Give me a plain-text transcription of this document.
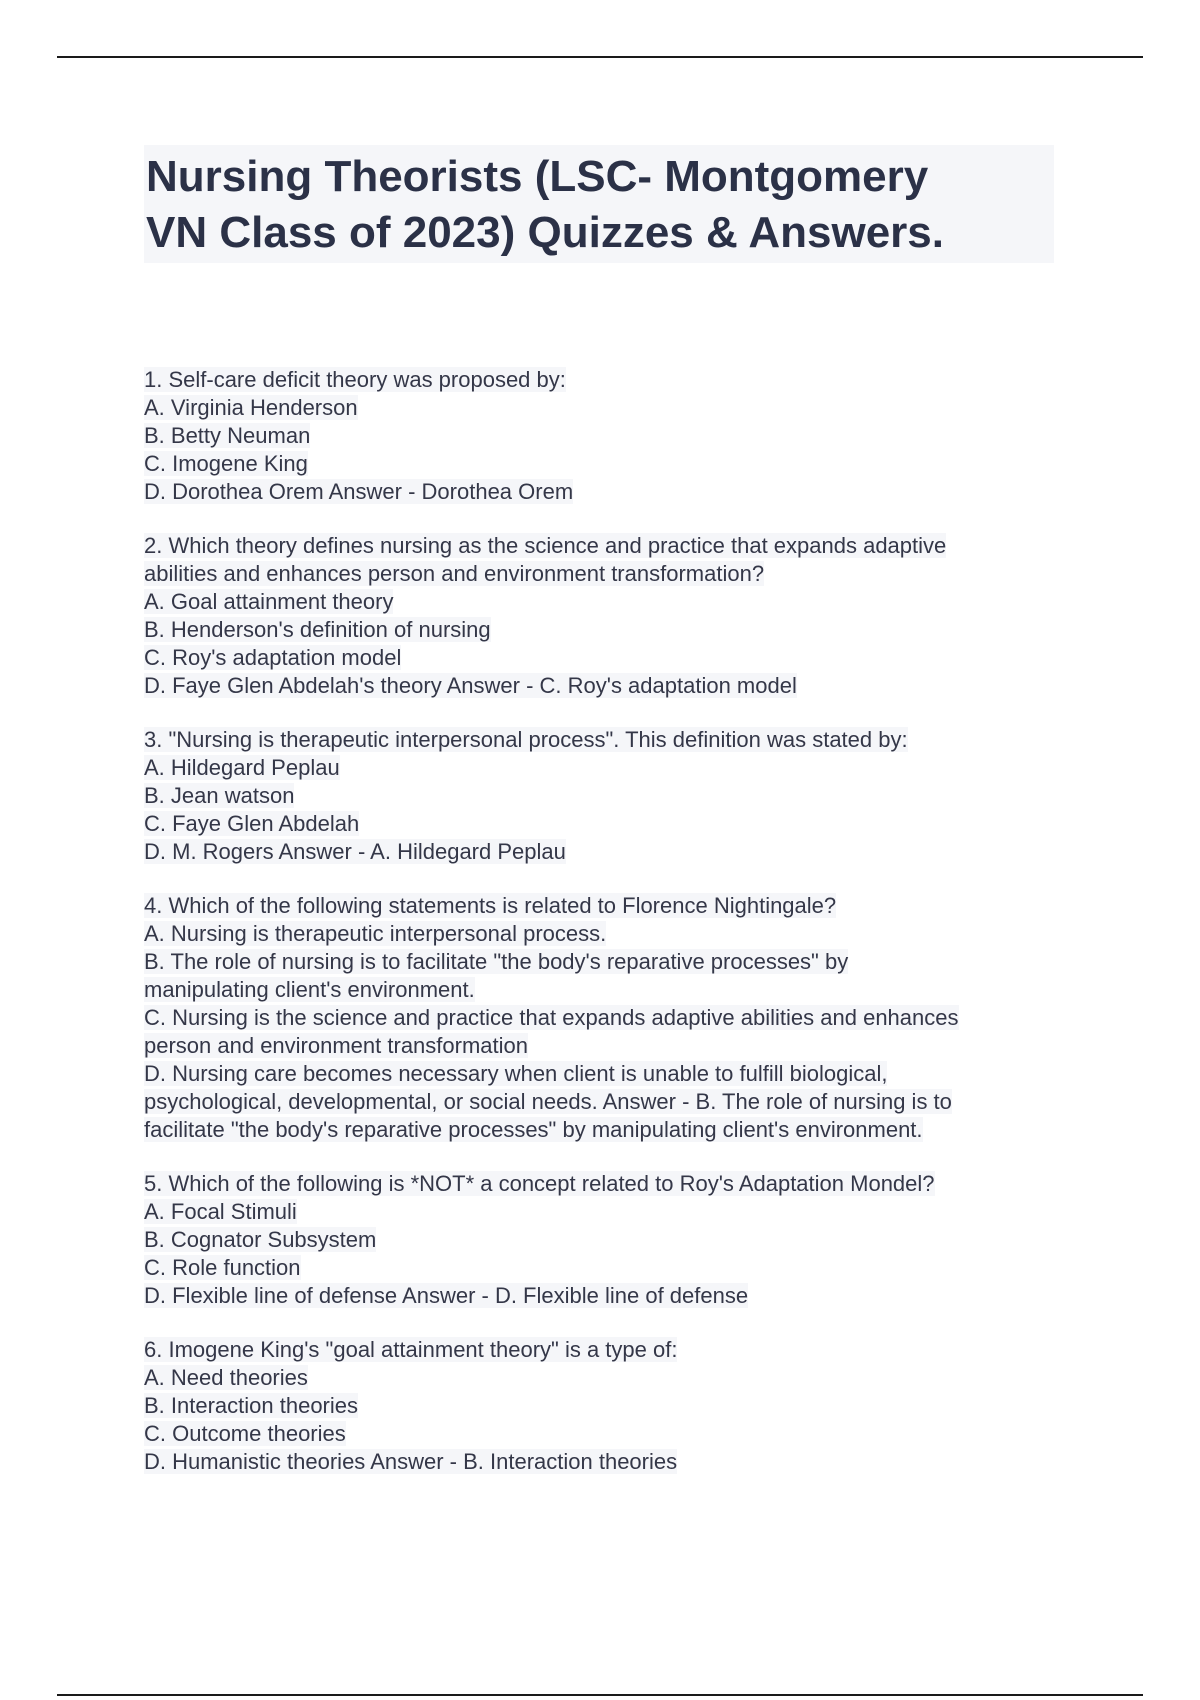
Nursing Theorists (LSC- Montgomery
VN Class of 2023) Quizzes & Answers.
1. Self-care deficit theory was proposed by:
A. Virginia Henderson
B. Betty Neuman
C. Imogene King
D. Dorothea Orem Answer - Dorothea Orem
2. Which theory defines nursing as the science and practice that expands adaptive
abilities and enhances person and environment transformation?
A. Goal attainment theory
B. Henderson's definition of nursing
C. Roy's adaptation model
D. Faye Glen Abdelah's theory Answer - C. Roy's adaptation model
3. "Nursing is therapeutic interpersonal process". This definition was stated by:
A. Hildegard Peplau
B. Jean watson
C. Faye Glen Abdelah
D. M. Rogers Answer - A. Hildegard Peplau
4. Which of the following statements is related to Florence Nightingale?
A. Nursing is therapeutic interpersonal process.
B. The role of nursing is to facilitate "the body's reparative processes" by
manipulating client's environment.
C. Nursing is the science and practice that expands adaptive abilities and enhances
person and environment transformation
D. Nursing care becomes necessary when client is unable to fulfill biological,
psychological, developmental, or social needs. Answer - B. The role of nursing is to
facilitate "the body's reparative processes" by manipulating client's environment.
5. Which of the following is *NOT* a concept related to Roy's Adaptation Mondel?
A. Focal Stimuli
B. Cognator Subsystem
C. Role function
D. Flexible line of defense Answer - D. Flexible line of defense
6. Imogene King's "goal attainment theory" is a type of:
A. Need theories
B. Interaction theories
C. Outcome theories
D. Humanistic theories Answer - B. Interaction theories
